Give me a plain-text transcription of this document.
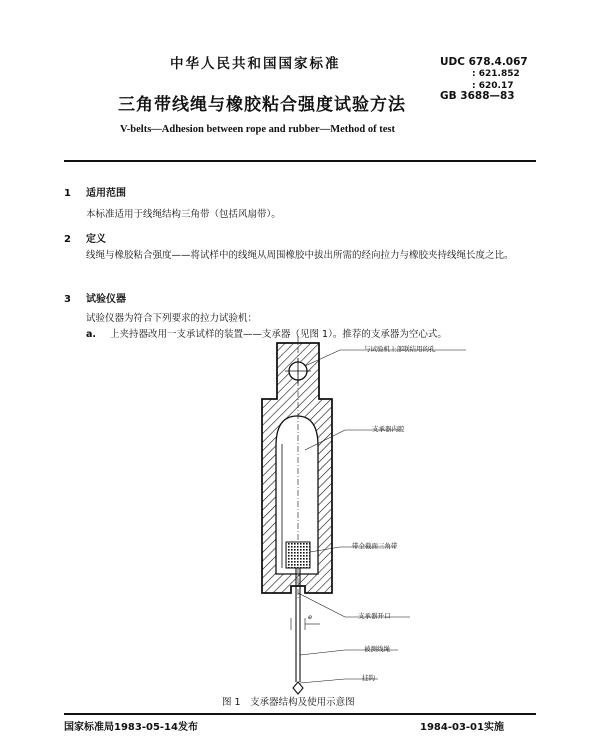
中华人民共和国国家标准	UDC 678.4.067
: 621.852
: 620.17
GB 3688—83
三角带线绳与橡胶粘合强度试验方法
V-belts—Adhesion between rope and rubber—Method of test
1 适用范围
本标准适用于线绳结构三角带（包括风扇带）。
2 定义
线绳与橡胶粘合强度——将试样中的线绳从周围橡胶中拔出所需的经向拉力与橡胶夹持线绳长度之比。
3 试验仪器
试验仪器为符合下列要求的拉力试验机：
a. 上夹持器改用一支承试样的装置——支承器（见图 1）。推荐的支承器为空心式。
与试验机上部联结用的孔
支承器内腔
带全截面三角带
支承器开口
被测线绳
挂钩
e
图 1　支承器结构及使用示意图
国家标准局1983-05-14发布	1984-03-01实施
